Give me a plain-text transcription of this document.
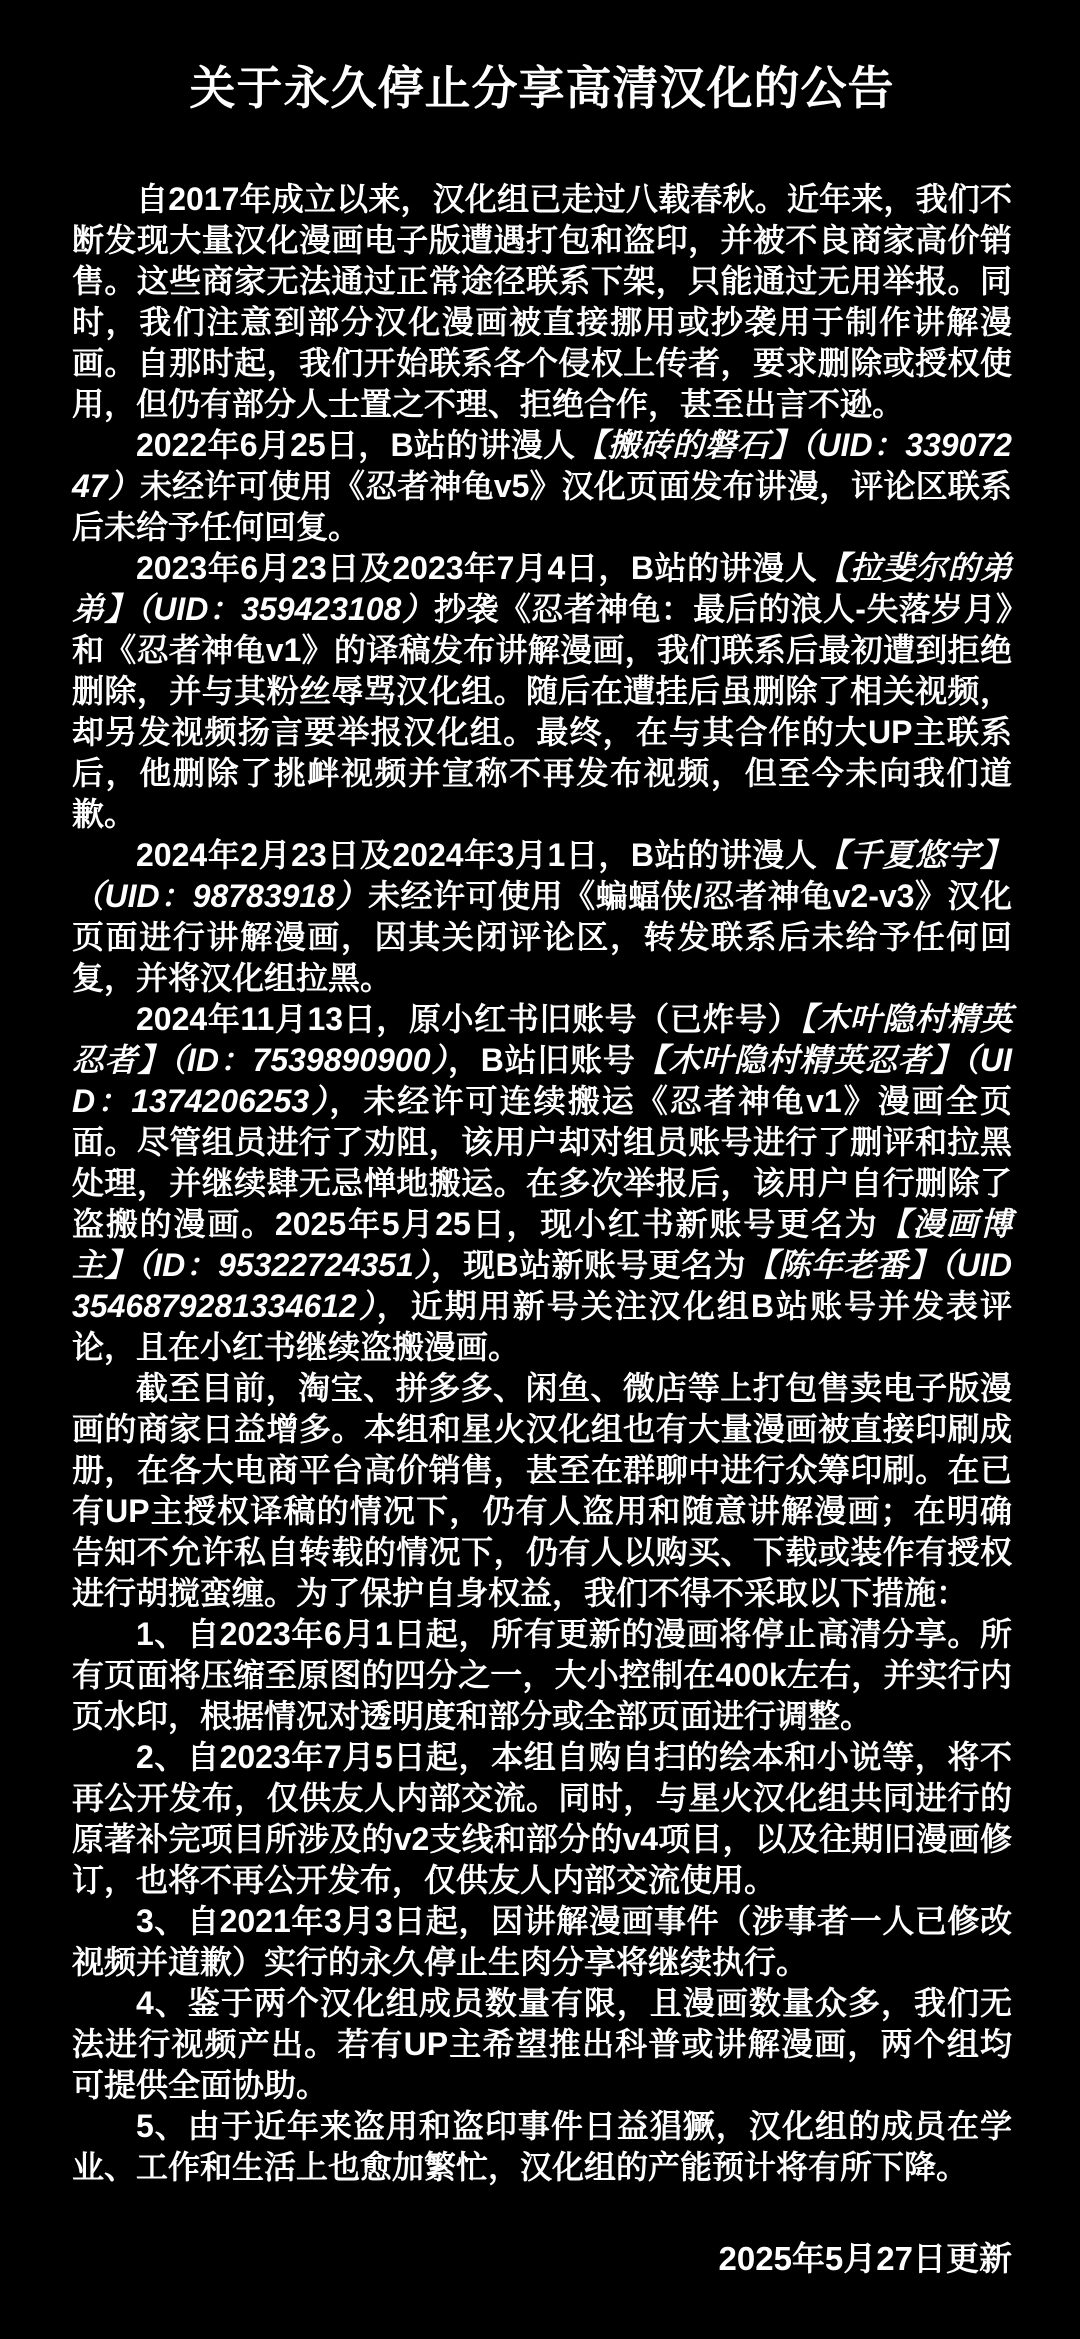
关于永久停止分享高清汉化的公告

自2017年成立以来，汉化组已走过八载春秋。近年来，我们不断发现大量汉化漫画电子版遭遇打包和盗印，并被不良商家高价销售。这些商家无法通过正常途径联系下架，只能通过无用举报。同时，我们注意到部分汉化漫画被直接挪用或抄袭用于制作讲解漫画。自那时起，我们开始联系各个侵权上传者，要求删除或授权使用，但仍有部分人士置之不理、拒绝合作，甚至出言不逊。

2022年6月25日，B站的讲漫人【搬砖的磐石】（UID：33907247）未经许可使用《忍者神龟v5》汉化页面发布讲漫，评论区联系后未给予任何回复。

2023年6月23日及2023年7月4日，B站的讲漫人【拉斐尔的弟弟】（UID：359423108）抄袭《忍者神龟：最后的浪人-失落岁月》和《忍者神龟v1》的译稿发布讲解漫画，我们联系后最初遭到拒绝删除，并与其粉丝辱骂汉化组。随后在遭挂后虽删除了相关视频，却另发视频扬言要举报汉化组。最终，在与其合作的大UP主联系后，他删除了挑衅视频并宣称不再发布视频，但至今未向我们道歉。

2024年2月23日及2024年3月1日，B站的讲漫人【千夏悠宇】（UID：98783918）未经许可使用《蝙蝠侠/忍者神龟v2-v3》汉化页面进行讲解漫画，因其关闭评论区，转发联系后未给予任何回复，并将汉化组拉黑。

2024年11月13日，原小红书旧账号（已炸号）【木叶隐村精英忍者】（ID：7539890900），B站旧账号【木叶隐村精英忍者】（UID：1374206253），未经许可连续搬运《忍者神龟v1》漫画全页面。尽管组员进行了劝阻，该用户却对组员账号进行了删评和拉黑处理，并继续肆无忌惮地搬运。在多次举报后，该用户自行删除了盗搬的漫画。2025年5月25日，现小红书新账号更名为【漫画博主】（ID：95322724351），现B站新账号更名为【陈年老番】（UID3546879281334612），近期用新号关注汉化组B站账号并发表评论，且在小红书继续盗搬漫画。

截至目前，淘宝、拼多多、闲鱼、微店等上打包售卖电子版漫画的商家日益增多。本组和星火汉化组也有大量漫画被直接印刷成册，在各大电商平台高价销售，甚至在群聊中进行众筹印刷。在已有UP主授权译稿的情况下，仍有人盗用和随意讲解漫画；在明确告知不允许私自转载的情况下，仍有人以购买、下载或装作有授权进行胡搅蛮缠。为了保护自身权益，我们不得不采取以下措施：

1、自2023年6月1日起，所有更新的漫画将停止高清分享。所有页面将压缩至原图的四分之一，大小控制在400k左右，并实行内页水印，根据情况对透明度和部分或全部页面进行调整。

2、自2023年7月5日起，本组自购自扫的绘本和小说等，将不再公开发布，仅供友人内部交流。同时，与星火汉化组共同进行的原著补完项目所涉及的v2支线和部分的v4项目，以及往期旧漫画修订，也将不再公开发布，仅供友人内部交流使用。

3、自2021年3月3日起，因讲解漫画事件（涉事者一人已修改视频并道歉）实行的永久停止生肉分享将继续执行。

4、鉴于两个汉化组成员数量有限，且漫画数量众多，我们无法进行视频产出。若有UP主希望推出科普或讲解漫画，两个组均可提供全面协助。

5、由于近年来盗用和盗印事件日益猖獗，汉化组的成员在学业、工作和生活上也愈加繁忙，汉化组的产能预计将有所下降。

2025年5月27日更新
